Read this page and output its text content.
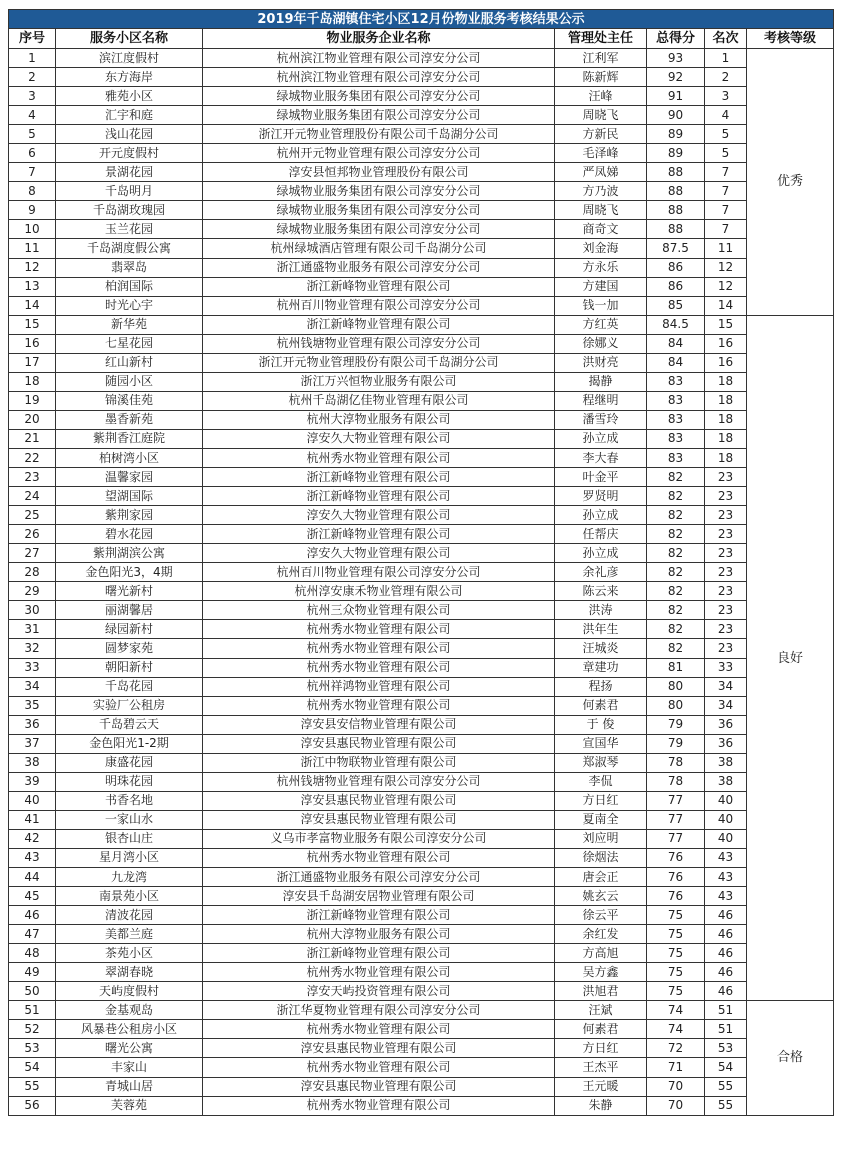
2019年千岛湖镇住宅小区12月份物业服务考核结果公示						
序号	服务小区名称	物业服务企业名称	管理处主任	总得分	名次	考核等级
1	滨江度假村	杭州滨江物业管理有限公司淳安分公司	江利军	93	1	优秀
2	东方海岸	杭州滨江物业管理有限公司淳安分公司	陈新辉	92	2	
3	雅苑小区	绿城物业服务集团有限公司淳安分公司	汪峰	91	3	
4	汇宇和庭	绿城物业服务集团有限公司淳安分公司	周晓飞	90	4	
5	浅山花园	浙江开元物业管理股份有限公司千岛湖分公司	方新民	89	5	
6	开元度假村	杭州开元物业管理有限公司淳安分公司	毛泽峰	89	5	
7	景湖花园	淳安县恒邦物业管理股份有限公司	严凤娣	88	7	
8	千岛明月	绿城物业服务集团有限公司淳安分公司	方乃波	88	7	
9	千岛湖玫瑰园	绿城物业服务集团有限公司淳安分公司	周晓飞	88	7	
10	玉兰花园	绿城物业服务集团有限公司淳安分公司	商奇文	88	7	
11	千岛湖度假公寓	杭州绿城酒店管理有限公司千岛湖分公司	刘金海	87.5	11	
12	翡翠岛	浙江通盛物业服务有限公司淳安分公司	方永乐	86	12	
13	柏润国际	浙江新峰物业管理有限公司	方建国	86	12	
14	时光心宇	杭州百川物业管理有限公司淳安分公司	钱一加	85	14	
15	新华苑	浙江新峰物业管理有限公司	方红英	84.5	15	良好
16	七星花园	杭州钱塘物业管理有限公司淳安分公司	徐娜义	84	16	
17	红山新村	浙江开元物业管理股份有限公司千岛湖分公司	洪财亮	84	16	
18	随园小区	浙江万兴恒物业服务有限公司	揭静	83	18	
19	锦溪佳苑	杭州千岛湖亿佳物业管理有限公司	程继明	83	18	
20	墨香新苑	杭州大淳物业服务有限公司	潘雪玲	83	18	
21	紫荆香江庭院	淳安久大物业管理有限公司	孙立成	83	18	
22	柏树湾小区	杭州秀水物业管理有限公司	李大春	83	18	
23	温馨家园	浙江新峰物业管理有限公司	叶金平	82	23	
24	望湖国际	浙江新峰物业管理有限公司	罗贤明	82	23	
25	紫荆家园	淳安久大物业管理有限公司	孙立成	82	23	
26	碧水花园	浙江新峰物业管理有限公司	任帮庆	82	23	
27	紫荆湖滨公寓	淳安久大物业管理有限公司	孙立成	82	23	
28	金色阳光3，4期	杭州百川物业管理有限公司淳安分公司	余礼彦	82	23	
29	曙光新村	杭州淳安康禾物业管理有限公司	陈云来	82	23	
30	丽湖馨居	杭州三众物业管理有限公司	洪涛	82	23	
31	绿园新村	杭州秀水物业管理有限公司	洪年生	82	23	
32	圆梦家苑	杭州秀水物业管理有限公司	汪城炎	82	23	
33	朝阳新村	杭州秀水物业管理有限公司	章建功	81	33	
34	千岛花园	杭州祥鸿物业管理有限公司	程扬	80	34	
35	实验厂公租房	杭州秀水物业管理有限公司	何素君	80	34	
36	千岛碧云天	淳安县安信物业管理有限公司	于 俊	79	36	
37	金色阳光1-2期	淳安县惠民物业管理有限公司	宣国华	79	36	
38	康盛花园	浙江中物联物业管理有限公司	郑淑琴	78	38	
39	明珠花园	杭州钱塘物业管理有限公司淳安分公司	李侃	78	38	
40	书香名地	淳安县惠民物业管理有限公司	方日红	77	40	
41	一家山水	淳安县惠民物业管理有限公司	夏南全	77	40	
42	银杏山庄	义乌市孝富物业服务有限公司淳安分公司	刘应明	77	40	
43	星月湾小区	杭州秀水物业管理有限公司	徐烟法	76	43	
44	九龙湾	浙江通盛物业服务有限公司淳安分公司	唐会正	76	43	
45	南景苑小区	淳安县千岛湖安居物业管理有限公司	姚玄云	76	43	
46	清波花园	浙江新峰物业管理有限公司	徐云平	75	46	
47	美都兰庭	杭州大淳物业服务有限公司	余红发	75	46	
48	茶苑小区	浙江新峰物业管理有限公司	方高旭	75	46	
49	翠湖春晓	杭州秀水物业管理有限公司	吴方鑫	75	46	
50	天屿度假村	淳安天屿投资管理有限公司	洪旭君	75	46	
51	金基观岛	浙江华夏物业管理有限公司淳安分公司	汪斌	74	51	合格
52	风暴巷公租房小区	杭州秀水物业管理有限公司	何素君	74	51	
53	曙光公寓	淳安县惠民物业管理有限公司	方日红	72	53	
54	丰家山	杭州秀水物业管理有限公司	王杰平	71	54	
55	青城山居	淳安县惠民物业管理有限公司	王元暖	70	55	
56	芙蓉苑	杭州秀水物业管理有限公司	朱静	70	55	
